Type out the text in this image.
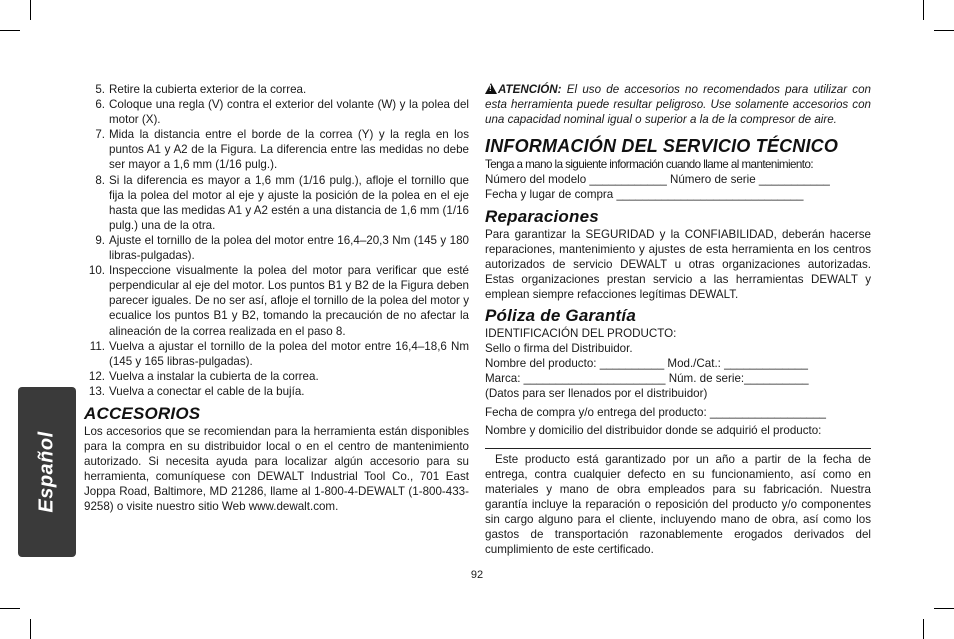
Español
5. Retire la cubierta exterior de la correa.
6. Coloque una regla (V) contra el exterior del volante (W) y la polea del motor (X).
7. Mida la distancia entre el borde de la correa (Y) y la regla en los puntos A1 y A2 de la Figura. La diferencia entre las medidas no debe ser mayor a 1,6 mm (1/16 pulg.).
8. Si la diferencia es mayor a 1,6 mm (1/16 pulg.), afloje el tornillo que fija la polea del motor al eje y ajuste la posición de la polea en el eje hasta que las medidas A1 y A2 estén a una distancia de 1,6 mm (1/16 pulg.) una de la otra.
9. Ajuste el tornillo de la polea del motor entre 16,4–20,3 Nm (145 y 180 libras-pulgadas).
10. Inspeccione visualmente la polea del motor para verificar que esté perpendicular al eje del motor. Los puntos B1 y B2 de la Figura deben parecer iguales. De no ser así, afloje el tornillo de la polea del motor y ecualice los puntos B1 y B2, tomando la precaución de no afectar la alineación de la correa realizada en el paso 8.
11. Vuelva a ajustar el tornillo de la polea del motor entre 16,4–18,6 Nm (145 y 165 libras-pulgadas).
12. Vuelva a instalar la cubierta de la correa.
13. Vuelva a conectar el cable de la bujía.
ACCESORIOS

Los accesorios que se recomiendan para la herramienta están disponibles para la compra en su distribuidor local o en el centro de mantenimiento autorizado. Si necesita ayuda para localizar algún accesorio para su herramienta, comuníquese con DEWALT Industrial Tool Co., 701 East Joppa Road, Baltimore, MD 21286, llame al 1-800-4-DEWALT (1-800-433-9258) o visite nuestro sitio Web www.dewalt.com.

!ATENCIÓN: El uso de accesorios no recomendados para utilizar con esta herramienta puede resultar peligroso. Use solamente accesorios con una capacidad nominal igual o superior a la de la compresor de aire.

INFORMACIÓN DEL SERVICIO TÉCNICO
Tenga a mano la siguiente información cuando llame al mantenimiento:
Número del modelo ____________ Número de serie ___________
Fecha y lugar de compra _____________________________
Reparaciones

Para garantizar la SEGURIDAD y la CONFIABILIDAD, deberán hacerse reparaciones, mantenimiento y ajustes de esta herramienta en los centros autorizados de servicio DEWALT u otras organizaciones autorizadas. Estas organizaciones prestan servicio a las herramientas DEWALT y emplean siempre refacciones legítimas DEWALT.

Póliza de Garantía
IDENTIFICACIÓN DEL PRODUCTO:
Sello o firma del Distribuidor.
Nombre del producto: __________ Mod./Cat.: _____________
Marca: ______________________ Núm. de serie:__________
(Datos para ser llenados por el distribuidor)
Fecha de compra y/o entrega del producto: __________________
Nombre y domicilio del distribuidor donde se adquirió el producto:

Este producto está garantizado por un año a partir de la fecha de entrega, contra cualquier defecto en su funcionamiento, así como en materiales y mano de obra empleados para su fabricación. Nuestra garantía incluye la reparación o reposición del producto y/o componentes sin cargo alguno para el cliente, incluyendo mano de obra, así como los gastos de transportación razonablemente erogados derivados del cumplimiento de este certificado.

92
